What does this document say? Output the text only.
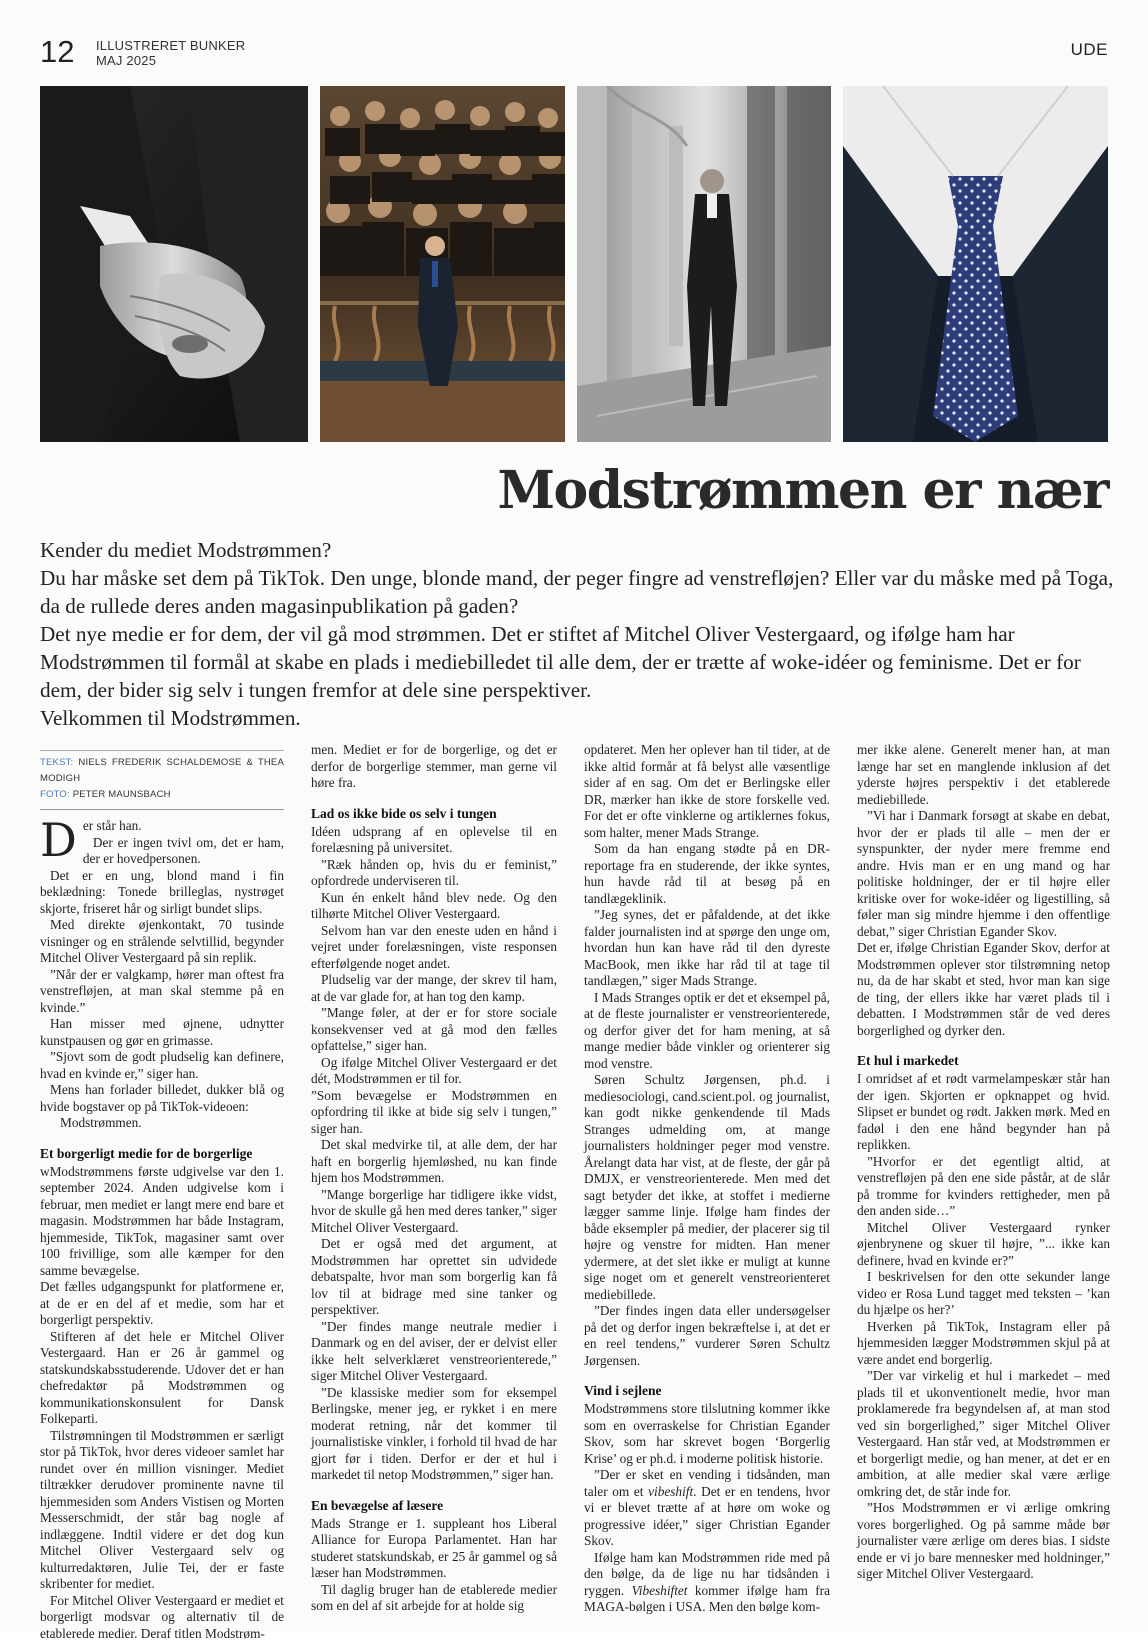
12 ILLUSTRERET BUNKER
MAJ 2025
UDE
Modstrømmen er nær

Kender du mediet Modstrømmen?

Du har måske set dem på TikTok. Den unge, blonde mand, der peger fingre ad venstrefløjen? Eller var du måske med på Toga, da de rullede deres anden magasinpublikation på gaden?

Det nye medie er for dem, der vil gå mod strømmen. Det er stiftet af Mitchel Oliver Vestergaard, og ifølge ham har Modstrømmen til formål at skabe en plads i mediebilledet til alle dem, der er trætte af woke-idéer og feminisme. Det er for dem, der bider sig selv i tungen fremfor at dele sine perspektiver.

Velkommen til Modstrømmen.

TEKST: NIELS FREDERIK SCHALDEMOSE & THEA MODIGH
FOTO: PETER MAUNSBACH

Der står han.

Der er ingen tvivl om, det er ham, der er hovedpersonen.

Det er en ung, blond mand i fin beklædning: Tonede brilleglas, nystrøget skjorte, friseret hår og sirligt bundet slips.

Med direkte øjenkontakt, 70 tusinde visninger og en strålende selvtillid, begynder Mitchel Oliver Vestergaard på sin replik.

”Når der er valgkamp, hører man oftest fra venstrefløjen, at man skal stemme på en kvinde.”

Han misser med øjnene, udnytter kunstpausen og gør en grimasse.

”Sjovt som de godt pludselig kan definere, hvad en kvinde er,” siger han.

Mens han forlader billedet, dukker blå og hvide bogstaver op på TikTok-videoen:

Modstrømmen.

Et borgerligt medie for de borgerlige

wModstrømmens første udgivelse var den 1. september 2024. Anden udgivelse kom i februar, men mediet er langt mere end bare et magasin. Modstrømmen har både Instagram, hjemmeside, TikTok, magasiner samt over 100 frivillige, som alle kæmper for den samme bevægelse.

Det fælles udgangspunkt for platformene er, at de er en del af et medie, som har et borgerligt perspektiv.

Stifteren af det hele er Mitchel Oliver Vestergaard. Han er 26 år gammel og statskundskabsstuderende. Udover det er han chefredaktør på Modstrømmen og kommunikationskonsulent for Dansk Folkeparti.

Tilstrømningen til Modstrømmen er særligt stor på TikTok, hvor deres videoer samlet har rundet over én million visninger. Mediet tiltrækker derudover prominente navne til hjemmesiden som Anders Vistisen og Morten Messerschmidt, der står bag nogle af indlæggene. Indtil videre er det dog kun Mitchel Oliver Vestergaard selv og kulturredaktøren, Julie Tei, der er faste skribenter for mediet.

For Mitchel Oliver Vestergaard er mediet et borgerligt modsvar og alternativ til de etablerede medier. Deraf titlen Modstrøm-

men. Mediet er for de borgerlige, og det er derfor de borgerlige stemmer, man gerne vil høre fra.

Lad os ikke bide os selv i tungen

Idéen udsprang af en oplevelse til en forelæsning på universitet.

”Ræk hånden op, hvis du er feminist,” opfordrede underviseren til.

Kun én enkelt hånd blev nede. Og den tilhørte Mitchel Oliver Vestergaard.

Selvom han var den eneste uden en hånd i vejret under forelæsningen, viste responsen efterfølgende noget andet.

Pludselig var der mange, der skrev til ham, at de var glade for, at han tog den kamp.

”Mange føler, at der er for store sociale konsekvenser ved at gå mod den fælles opfattelse,” siger han.

Og ifølge Mitchel Oliver Vestergaard er det dét, Modstrømmen er til for.

”Som bevægelse er Modstrømmen en opfordring til ikke at bide sig selv i tungen,” siger han.

Det skal medvirke til, at alle dem, der har haft en borgerlig hjemløshed, nu kan finde hjem hos Modstrømmen.

”Mange borgerlige har tidligere ikke vidst, hvor de skulle gå hen med deres tanker,” siger Mitchel Oliver Vestergaard.

Det er også med det argument, at Modstrømmen har oprettet sin udvidede debatspalte, hvor man som borgerlig kan få lov til at bidrage med sine tanker og perspektiver.

”Der findes mange neutrale medier i Danmark og en del aviser, der er delvist eller ikke helt selverklæret venstreorienterede,” siger Mitchel Oliver Vestergaard.

”De klassiske medier som for eksempel Berlingske, mener jeg, er rykket i en mere moderat retning, når det kommer til journalistiske vinkler, i forhold til hvad de har gjort før i tiden. Derfor er der et hul i markedet til netop Modstrømmen,” siger han.

En bevægelse af læsere

Mads Strange er 1. suppleant hos Liberal Alliance for Europa Parlamentet. Han har studeret statskundskab, er 25 år gammel og så læser han Modstrømmen.

Til daglig bruger han de etablerede medier som en del af sit arbejde for at holde sig

opdateret. Men her oplever han til tider, at de ikke altid formår at få belyst alle væsentlige sider af en sag. Om det er Berlingske eller DR, mærker han ikke de store forskelle ved. For det er ofte vinklerne og artiklernes fokus, som halter, mener Mads Strange.

Som da han engang stødte på en DR-reportage fra en studerende, der ikke syntes, hun havde råd til at besøg på en tandlægeklinik.

”Jeg synes, det er påfaldende, at det ikke falder journalisten ind at spørge den unge om, hvordan hun kan have råd til den dyreste MacBook, men ikke har råd til at tage til tandlægen,” siger Mads Strange.

I Mads Stranges optik er det et eksempel på, at de fleste journalister er venstreorienterede, og derfor giver det for ham mening, at så mange medier både vinkler og orienterer sig mod venstre.

Søren Schultz Jørgensen, ph.d. i mediesociologi, cand.scient.pol. og journalist, kan godt nikke genkendende til Mads Stranges udmelding om, at mange journalisters holdninger peger mod venstre. Årelangt data har vist, at de fleste, der går på DMJX, er venstreorienterede. Men med det sagt betyder det ikke, at stoffet i medierne lægger samme linje. Ifølge ham findes der både eksempler på medier, der placerer sig til højre og venstre for midten. Han mener ydermere, at det slet ikke er muligt at kunne sige noget om et generelt venstreorienteret mediebillede.

”Der findes ingen data eller undersøgelser på det og derfor ingen bekræftelse i, at det er en reel tendens,” vurderer Søren Schultz Jørgensen.

Vind i sejlene

Modstrømmens store tilslutning kommer ikke som en overraskelse for Christian Egander Skov, som har skrevet bogen ‘Borgerlig Krise’ og er ph.d. i moderne politisk historie.

”Der er sket en vending i tidsånden, man taler om et vibeshift. Det er en tendens, hvor vi er blevet trætte af at høre om woke og progressive idéer,” siger Christian Egander Skov.

Ifølge ham kan Modstrømmen ride med på den bølge, da de lige nu har tidsånden i ryggen. Vibeshiftet kommer ifølge ham fra MAGA-bølgen i USA. Men den bølge kom-

mer ikke alene. Generelt mener han, at man længe har set en manglende inklusion af det yderste højres perspektiv i det etablerede mediebillede.

”Vi har i Danmark forsøgt at skabe en debat, hvor der er plads til alle – men der er synspunkter, der nyder mere fremme end andre. Hvis man er en ung mand og har politiske holdninger, der er til højre eller kritiske over for woke-idéer og ligestilling, så føler man sig mindre hjemme i den offentlige debat,” siger Christian Egander Skov.

Det er, ifølge Christian Egander Skov, derfor at Modstrømmen oplever stor tilstrømning netop nu, da de har skabt et sted, hvor man kan sige de ting, der ellers ikke har været plads til i debatten. I Modstrømmen står de ved deres borgerlighed og dyrker den.

Et hul i markedet

I omridset af et rødt varmelampeskær står han der igen. Skjorten er opknappet og hvid. Slipset er bundet og rødt. Jakken mørk. Med en fadøl i den ene hånd begynder han på replikken.

”Hvorfor er det egentligt altid, at venstrefløjen på den ene side påstår, at de slår på tromme for kvinders rettigheder, men på den anden side…”

Mitchel Oliver Vestergaard rynker øjenbrynene og skuer til højre, ”... ikke kan definere, hvad en kvinde er?”

I beskrivelsen for den otte sekunder lange video er Rosa Lund tagget med teksten – ’kan du hjælpe os her?’

Hverken på TikTok, Instagram eller på hjemmesiden lægger Modstrømmen skjul på at være andet end borgerlig.

”Der var virkelig et hul i markedet – med plads til et ukonventionelt medie, hvor man proklamerede fra begyndelsen af, at man stod ved sin borgerlighed,” siger Mitchel Oliver Vestergaard. Han står ved, at Modstrømmen er et borgerligt medie, og han mener, at det er en ambition, at alle medier skal være ærlige omkring det, de står inde for.

”Hos Modstrømmen er vi ærlige omkring vores borgerlighed. Og på samme måde bør journalister være ærlige om deres bias. I sidste ende er vi jo bare mennesker med holdninger,” siger Mitchel Oliver Vestergaard.
